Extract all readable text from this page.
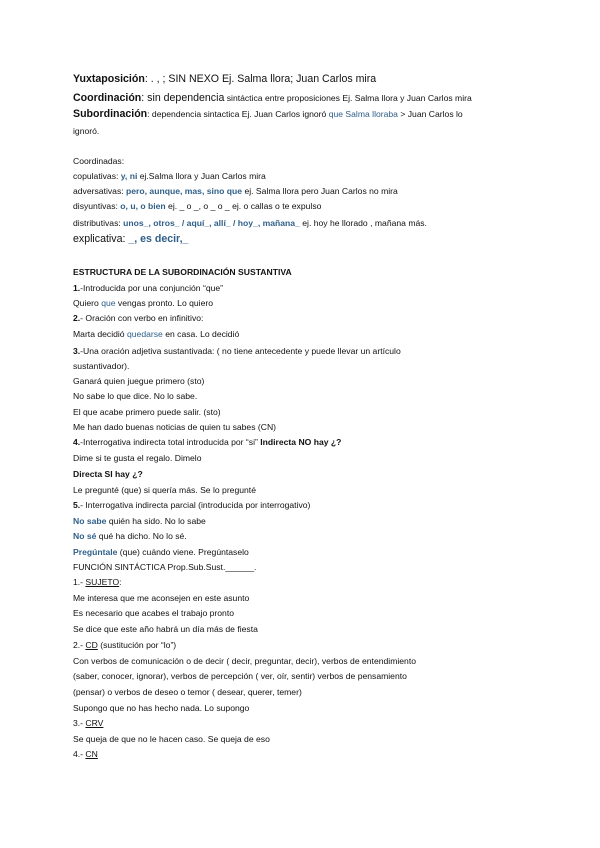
Yuxtaposición: . , ; SIN NEXO Ej. Salma llora; Juan Carlos mira
Coordinación: sin dependencia sintáctica entre proposiciones Ej. Salma llora y Juan Carlos mira
Subordinación: dependencia sintactica Ej. Juan Carlos ignoró que Salma lloraba > Juan Carlos lo
ignoró.
Coordinadas:
copulativas: y, ni ej.Salma llora y Juan Carlos mira
adversativas: pero, aunque, mas, sino que ej. Salma llora pero Juan Carlos no mira
disyuntivas: o, u, o bien ej. _ o _, o _ o _ ej. o callas o te expulso
distributivas: unos_, otros_ / aquí_, allí_ / hoy_, mañana_ ej. hoy he llorado , mañana más.
explicativa: _, es decir,_
ESTRUCTURA DE LA SUBORDINACIÓN SUSTANTIVA
1.-Introducida por una conjunción “que”
Quiero que vengas pronto. Lo quiero
2.- Oración con verbo en infinitivo:
Marta decidió quedarse en casa. Lo decidió
3.-Una oración adjetiva sustantivada: ( no tiene antecedente y puede llevar un artículo
sustantivador).
Ganará quien juegue primero (sto)
No sabe lo que dice. No lo sabe.
El que acabe primero puede salir. (sto)
Me han dado buenas noticias de quien tu sabes (CN)
4.-Interrogativa indirecta total introducida por “si” Indirecta NO hay ¿?
Dime si te gusta el regalo. Dimelo
Directa SI hay ¿?
Le pregunté (que) si quería más. Se lo pregunté
5.- Interrogativa indirecta parcial (introducida por interrogativo)
No sabe quién ha sido. No lo sabe
No sé qué ha dicho. No lo sé.
Pregúntale (que) cuándo viene. Pregúntaselo
FUNCIÓN SINTÁCTICA Prop.Sub.Sust.______.
1.- SUJETO:
Me interesa que me aconsejen en este asunto
Es necesario que acabes el trabajo pronto
Se dice que este año habrá un día más de fiesta
2.- CD (sustitución por “lo”)
Con verbos de comunicación o de decir ( decir, preguntar, decir), verbos de entendimiento
(saber, conocer, ignorar), verbos de percepción ( ver, oír, sentir) verbos de pensamiento
(pensar) o verbos de deseo o temor ( desear, querer, temer)
Supongo que no has hecho nada. Lo supongo
3.- CRV
Se queja de que no le hacen caso. Se queja de eso
4.- CN
